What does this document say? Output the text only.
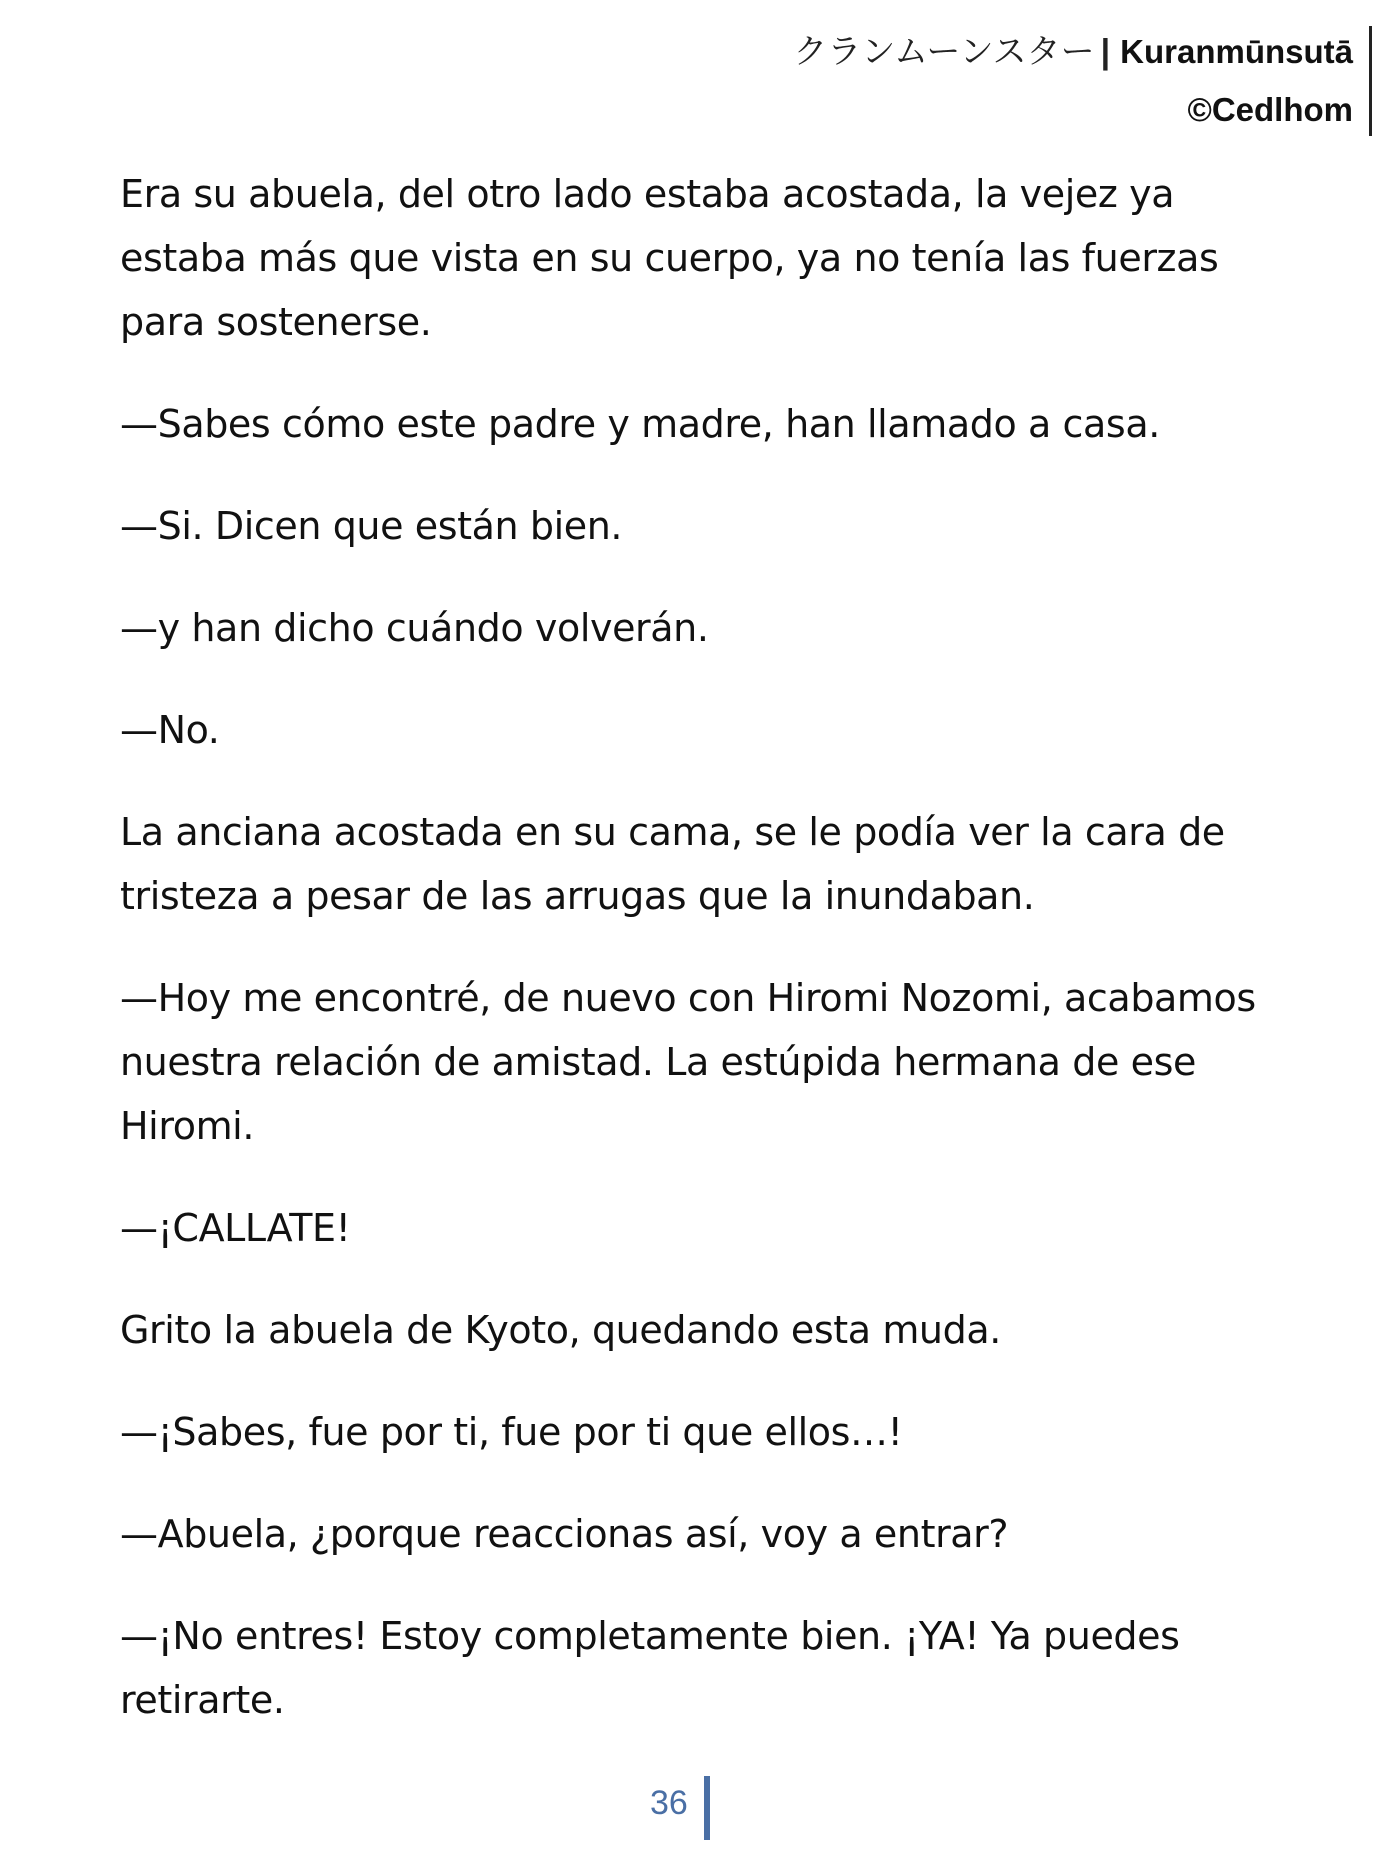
クランムーンスター | Kuranmūnsutā
©Cedlhom

Era su abuela, del otro lado estaba acostada, la vejez ya estaba más que vista en su cuerpo, ya no tenía las fuerzas para sostenerse.

—Sabes cómo este padre y madre, han llamado a casa.

—Si. Dicen que están bien.

—y han dicho cuándo volverán.

—No.

La anciana acostada en su cama, se le podía ver la cara de tristeza a pesar de las arrugas que la inundaban.

—Hoy me encontré, de nuevo con Hiromi Nozomi, acabamos nuestra relación de amistad. La estúpida hermana de ese Hiromi.

—¡CALLATE!

Grito la abuela de Kyoto, quedando esta muda.

—¡Sabes, fue por ti, fue por ti que ellos…!

—Abuela, ¿porque reaccionas así, voy a entrar?

—¡No entres! Estoy completamente bien. ¡YA! Ya puedes retirarte.

36
